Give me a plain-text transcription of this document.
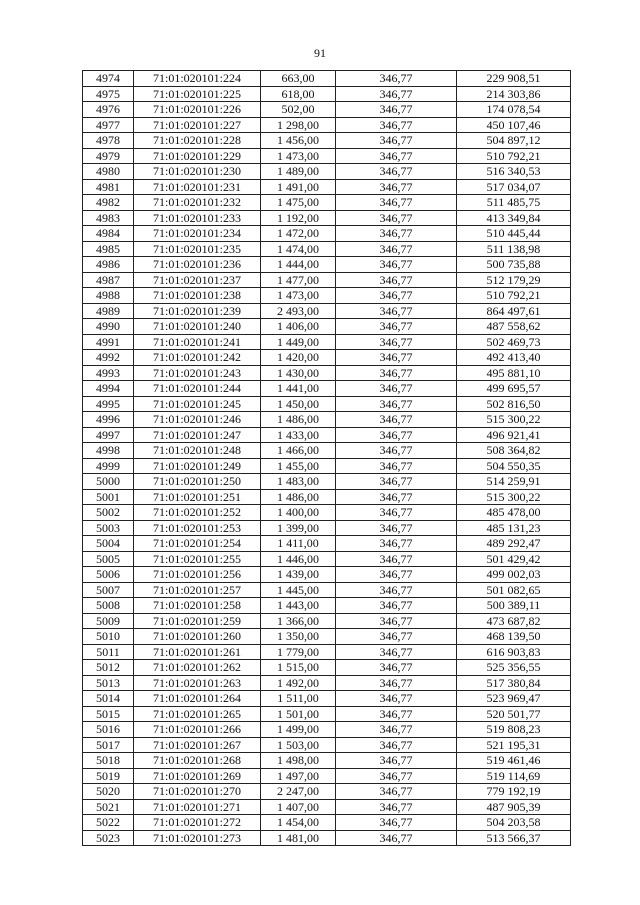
91
4974	71:01:020101:224	663,00	346,77	229 908,51
4975	71:01:020101:225	618,00	346,77	214 303,86
4976	71:01:020101:226	502,00	346,77	174 078,54
4977	71:01:020101:227	1 298,00	346,77	450 107,46
4978	71:01:020101:228	1 456,00	346,77	504 897,12
4979	71:01:020101:229	1 473,00	346,77	510 792,21
4980	71:01:020101:230	1 489,00	346,77	516 340,53
4981	71:01:020101:231	1 491,00	346,77	517 034,07
4982	71:01:020101:232	1 475,00	346,77	511 485,75
4983	71:01:020101:233	1 192,00	346,77	413 349,84
4984	71:01:020101:234	1 472,00	346,77	510 445,44
4985	71:01:020101:235	1 474,00	346,77	511 138,98
4986	71:01:020101:236	1 444,00	346,77	500 735,88
4987	71:01:020101:237	1 477,00	346,77	512 179,29
4988	71:01:020101:238	1 473,00	346,77	510 792,21
4989	71:01:020101:239	2 493,00	346,77	864 497,61
4990	71:01:020101:240	1 406,00	346,77	487 558,62
4991	71:01:020101:241	1 449,00	346,77	502 469,73
4992	71:01:020101:242	1 420,00	346,77	492 413,40
4993	71:01:020101:243	1 430,00	346,77	495 881,10
4994	71:01:020101:244	1 441,00	346,77	499 695,57
4995	71:01:020101:245	1 450,00	346,77	502 816,50
4996	71:01:020101:246	1 486,00	346,77	515 300,22
4997	71:01:020101:247	1 433,00	346,77	496 921,41
4998	71:01:020101:248	1 466,00	346,77	508 364,82
4999	71:01:020101:249	1 455,00	346,77	504 550,35
5000	71:01:020101:250	1 483,00	346,77	514 259,91
5001	71:01:020101:251	1 486,00	346,77	515 300,22
5002	71:01:020101:252	1 400,00	346,77	485 478,00
5003	71:01:020101:253	1 399,00	346,77	485 131,23
5004	71:01:020101:254	1 411,00	346,77	489 292,47
5005	71:01:020101:255	1 446,00	346,77	501 429,42
5006	71:01:020101:256	1 439,00	346,77	499 002,03
5007	71:01:020101:257	1 445,00	346,77	501 082,65
5008	71:01:020101:258	1 443,00	346,77	500 389,11
5009	71:01:020101:259	1 366,00	346,77	473 687,82
5010	71:01:020101:260	1 350,00	346,77	468 139,50
5011	71:01:020101:261	1 779,00	346,77	616 903,83
5012	71:01:020101:262	1 515,00	346,77	525 356,55
5013	71:01:020101:263	1 492,00	346,77	517 380,84
5014	71:01:020101:264	1 511,00	346,77	523 969,47
5015	71:01:020101:265	1 501,00	346,77	520 501,77
5016	71:01:020101:266	1 499,00	346,77	519 808,23
5017	71:01:020101:267	1 503,00	346,77	521 195,31
5018	71:01:020101:268	1 498,00	346,77	519 461,46
5019	71:01:020101:269	1 497,00	346,77	519 114,69
5020	71:01:020101:270	2 247,00	346,77	779 192,19
5021	71:01:020101:271	1 407,00	346,77	487 905,39
5022	71:01:020101:272	1 454,00	346,77	504 203,58
5023	71:01:020101:273	1 481,00	346,77	513 566,37
